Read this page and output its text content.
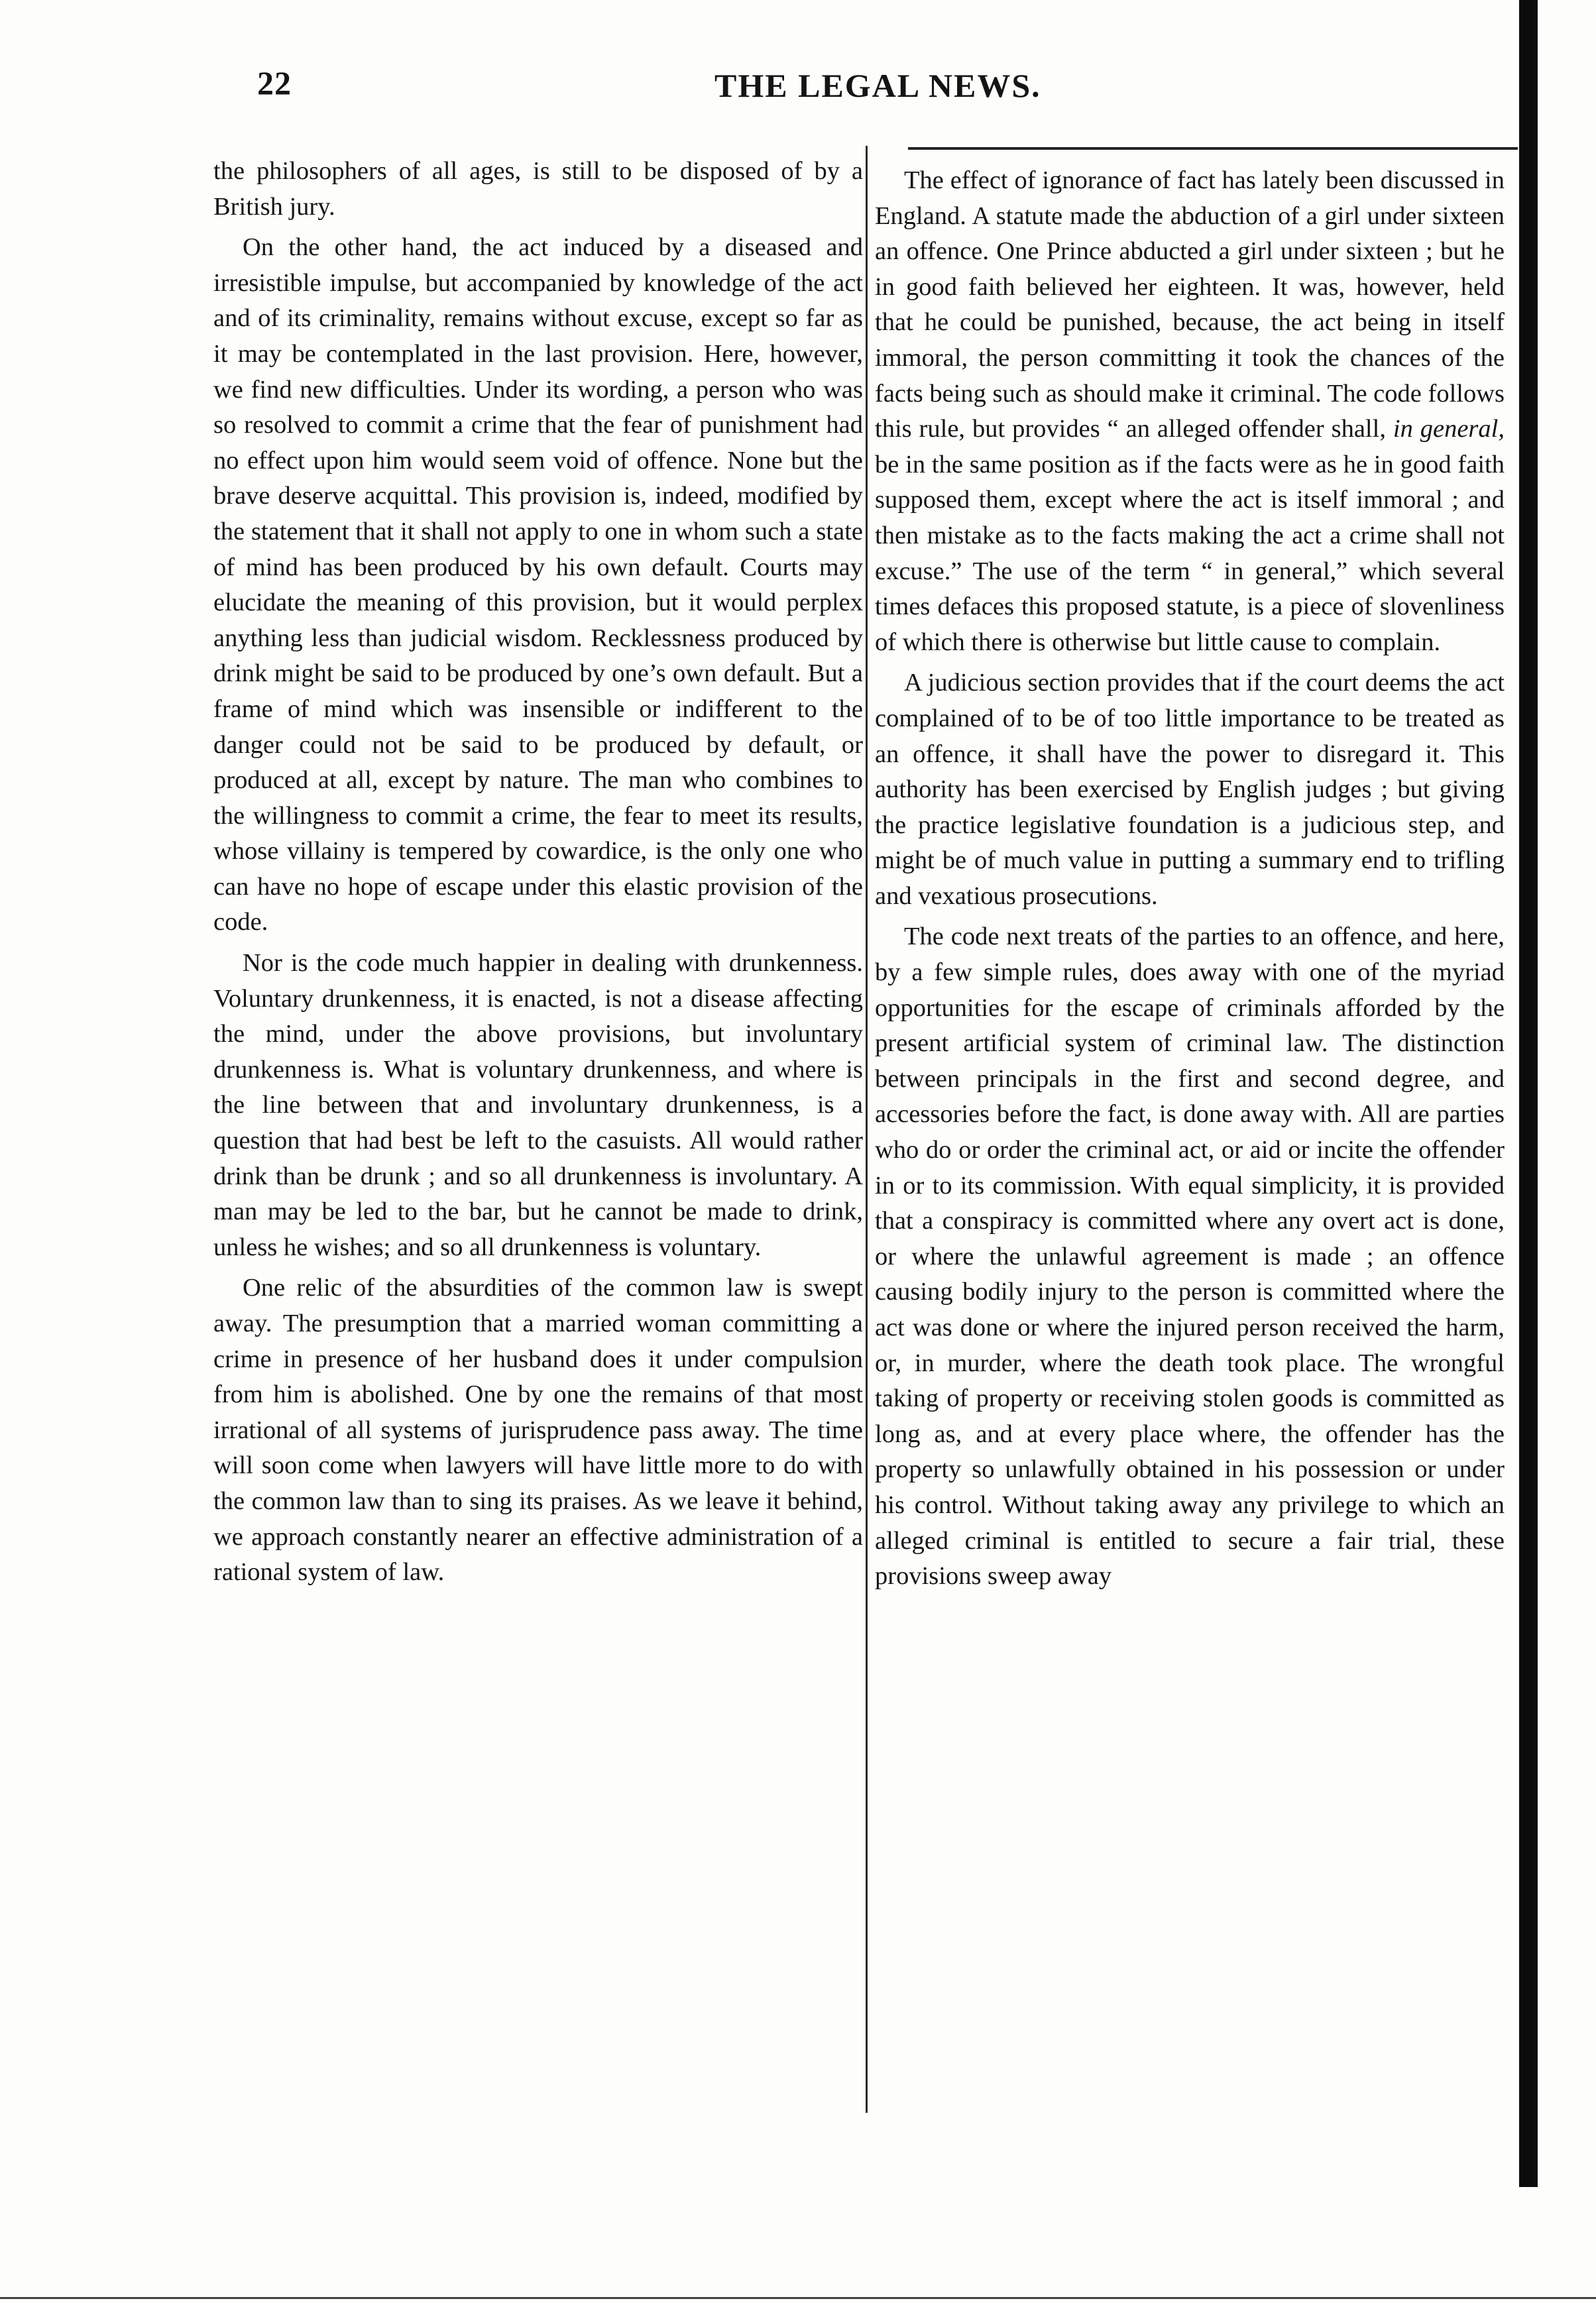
22	THE LEGAL NEWS.

the philosophers of all ages, is still to be disposed of by a British jury.

On the other hand, the act induced by a diseased and irresistible impulse, but accompanied by knowledge of the act and of its criminality, remains without excuse, except so far as it may be contemplated in the last provision. Here, however, we find new difficulties. Under its wording, a person who was so resolved to commit a crime that the fear of punishment had no effect upon him would seem void of offence. None but the brave deserve acquittal. This provision is, indeed, modified by the statement that it shall not apply to one in whom such a state of mind has been produced by his own default. Courts may elucidate the meaning of this provision, but it would perplex anything less than judicial wisdom. Recklessness produced by drink might be said to be produced by one’s own default. But a frame of mind which was insensible or indifferent to the danger could not be said to be produced by default, or produced at all, except by nature. The man who combines to the willingness to commit a crime, the fear to meet its results, whose villainy is tempered by cowardice, is the only one who can have no hope of escape under this elastic provision of the code.

Nor is the code much happier in dealing with drunkenness. Voluntary drunkenness, it is enacted, is not a disease affecting the mind, under the above provisions, but involuntary drunkenness is. What is voluntary drunkenness, and where is the line between that and involuntary drunkenness, is a question that had best be left to the casuists. All would rather drink than be drunk ; and so all drunkenness is involuntary. A man may be led to the bar, but he cannot be made to drink, unless he wishes; and so all drunkenness is voluntary.

One relic of the absurdities of the common law is swept away. The presumption that a married woman committing a crime in presence of her husband does it under compulsion from him is abolished. One by one the remains of that most irrational of all systems of jurisprudence pass away. The time will soon come when lawyers will have little more to do with the common law than to sing its praises. As we leave it behind, we approach constantly nearer an effective administration of a rational system of law.

The effect of ignorance of fact has lately been discussed in England. A statute made the abduction of a girl under sixteen an offence. One Prince abducted a girl under sixteen ; but he in good faith believed her eighteen. It was, however, held that he could be punished, because, the act being in itself immoral, the person committing it took the chances of the facts being such as should make it criminal. The code follows this rule, but provides “ an alleged offender shall, in general, be in the same position as if the facts were as he in good faith supposed them, except where the act is itself immoral ; and then mistake as to the facts making the act a crime shall not excuse.” The use of the term “ in general,” which several times defaces this proposed statute, is a piece of slovenliness of which there is otherwise but little cause to complain.

A judicious section provides that if the court deems the act complained of to be of too little importance to be treated as an offence, it shall have the power to disregard it. This authority has been exercised by English judges ; but giving the practice legislative foundation is a judicious step, and might be of much value in putting a summary end to trifling and vexatious prosecutions.

The code next treats of the parties to an offence, and here, by a few simple rules, does away with one of the myriad opportunities for the escape of criminals afforded by the present artificial system of criminal law. The distinction between principals in the first and second degree, and accessories before the fact, is done away with. All are parties who do or order the criminal act, or aid or incite the offender in or to its commission. With equal simplicity, it is provided that a conspiracy is committed where any overt act is done, or where the unlawful agreement is made ; an offence causing bodily injury to the person is committed where the act was done or where the injured person received the harm, or, in murder, where the death took place. The wrongful taking of property or receiving stolen goods is committed as long as, and at every place where, the offender has the property so unlawfully obtained in his possession or under his control. Without taking away any privilege to which an alleged criminal is entitled to secure a fair trial, these provisions sweep away
